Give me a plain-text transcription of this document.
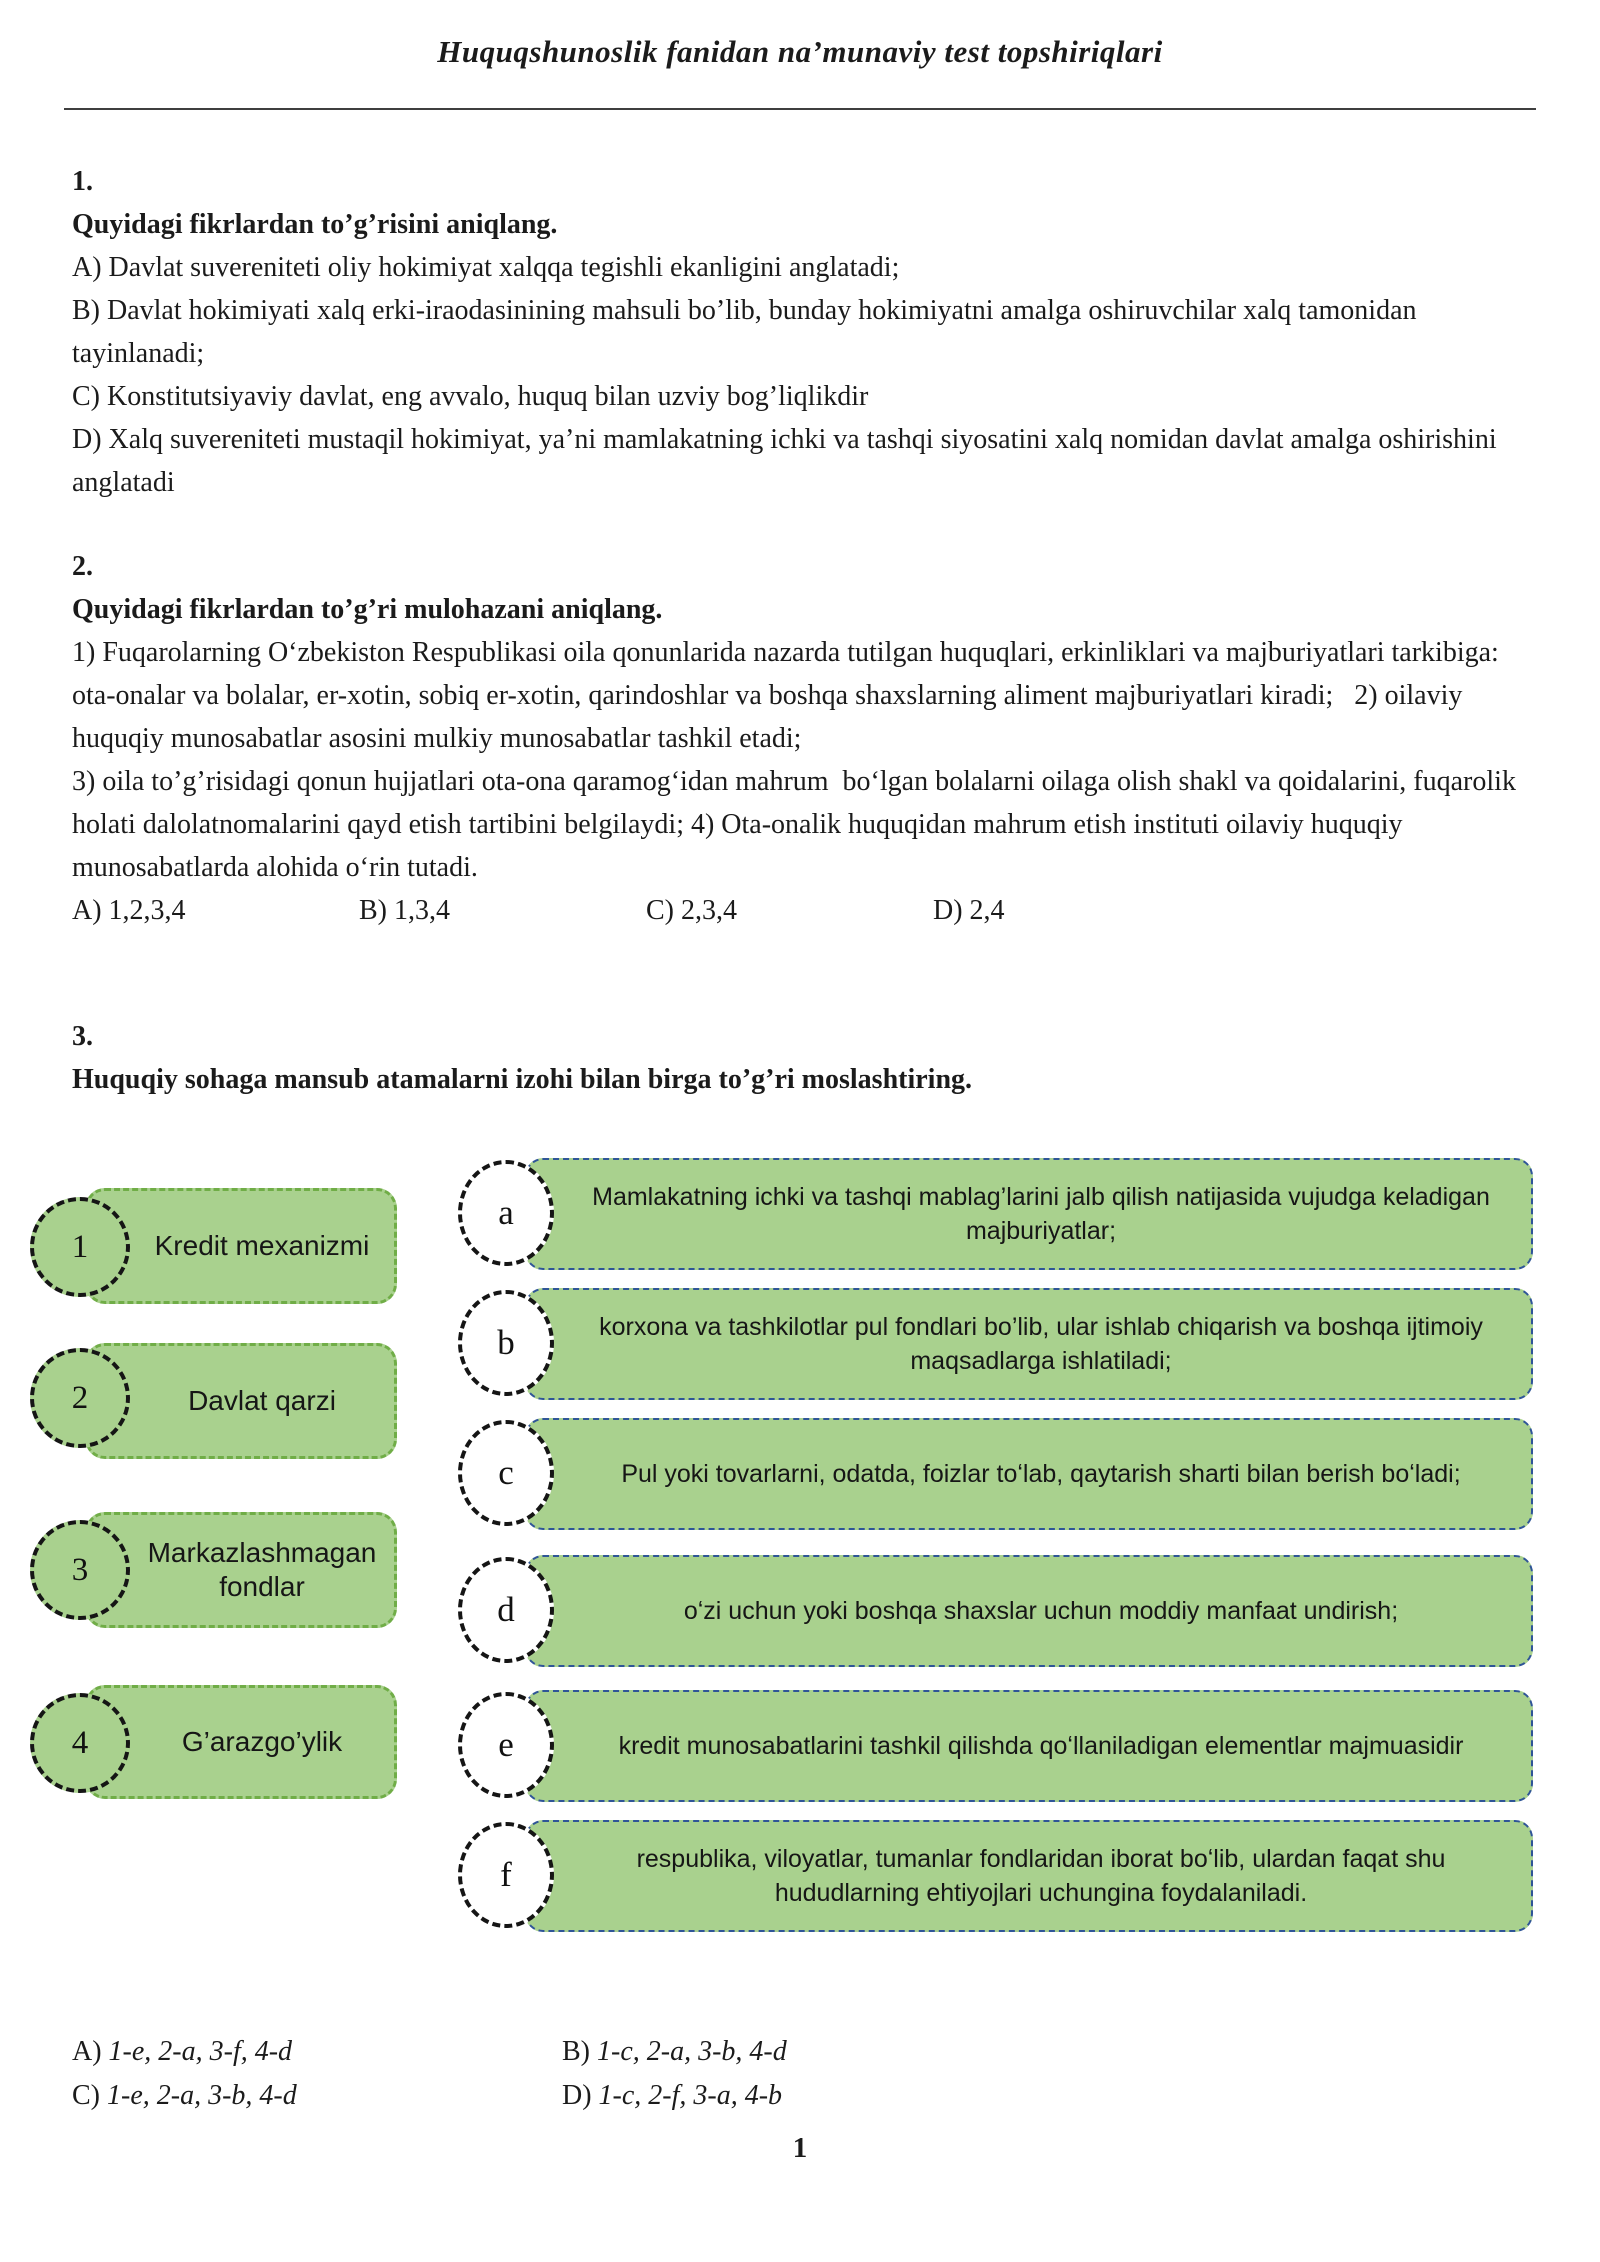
Huquqshunoslik fanidan na’munaviy test topshiriqlari

1.

Quyidagi fikrlardan to’g’risini aniqlang.

A) Davlat suvereniteti oliy hokimiyat xalqqa tegishli ekanligini anglatadi;

B) Davlat hokimiyati xalq erki-iraodasinining mahsuli bo’lib, bunday hokimiyatni amalga oshiruvchilar xalq tamonidan tayinlanadi;

C) Konstitutsiyaviy davlat, eng avvalo, huquq bilan uzviy bog’liqlikdir

D) Xalq suvereniteti mustaqil hokimiyat, ya’ni mamlakatning ichki va tashqi siyosatini xalq nomidan davlat amalga oshirishini anglatadi

2.

Quyidagi fikrlardan to’g’ri mulohazani aniqlang.

1) Fuqarolarning Oʻzbekiston Respublikasi oila qonunlarida nazarda tutilgan huquqlari, erkinliklari va majburiyatlari tarkibiga: ota-onalar va bolalar, er-xotin, sobiq er-xotin, qarindoshlar va boshqa shaxslarning aliment majburiyatlari kiradi;   2) oilaviy huquqiy munosabatlar asosini mulkiy munosabatlar tashkil etadi;

3) oila to’g’risidagi qonun hujjatlari ota-ona qaramogʻidan mahrum  boʻlgan bolalarni oilaga olish shakl va qoidalarini, fuqarolik holati dalolatnomalarini qayd etish tartibini belgilaydi; 4) Ota-onalik huquqidan mahrum etish instituti oilaviy huquqiy munosabatlarda alohida oʻrin tutadi.

A) 1,2,3,4	B) 1,3,4	C) 2,3,4	D) 2,4

3.

Huquqiy sohaga mansub atamalarni izohi bilan birga to’g’ri moslashtiring.

Kredit mexanizmi
Davlat qarzi
Markazlashmagan fondlar
G’arazgo’ylik
1
2
3
4
Mamlakatning ichki va tashqi mablag’larini jalb qilish natijasida vujudga keladigan majburiyatlar;
korxona va tashkilotlar pul fondlari bo’lib, ular ishlab chiqarish va boshqa ijtimoiy maqsadlarga ishlatiladi;
Pul yoki tovarlarni, odatda, foizlar toʻlab, qaytarish sharti bilan berish boʻladi;
oʻzi uchun yoki boshqa shaxslar uchun moddiy manfaat undirish;
kredit munosabatlarini tashkil qilishda qoʻllaniladigan elementlar majmuasidir
respublika, viloyatlar, tumanlar fondlaridan iborat boʻlib, ulardan faqat shu hududlarning ehtiyojlari uchungina foydalaniladi.
a
b
c
d
e
f
A) 1-e, 2-a, 3-f, 4-d	B) 1-c, 2-a, 3-b, 4-d
C) 1-e, 2-a, 3-b, 4-d	D) 1-c, 2-f, 3-a, 4-b
1
